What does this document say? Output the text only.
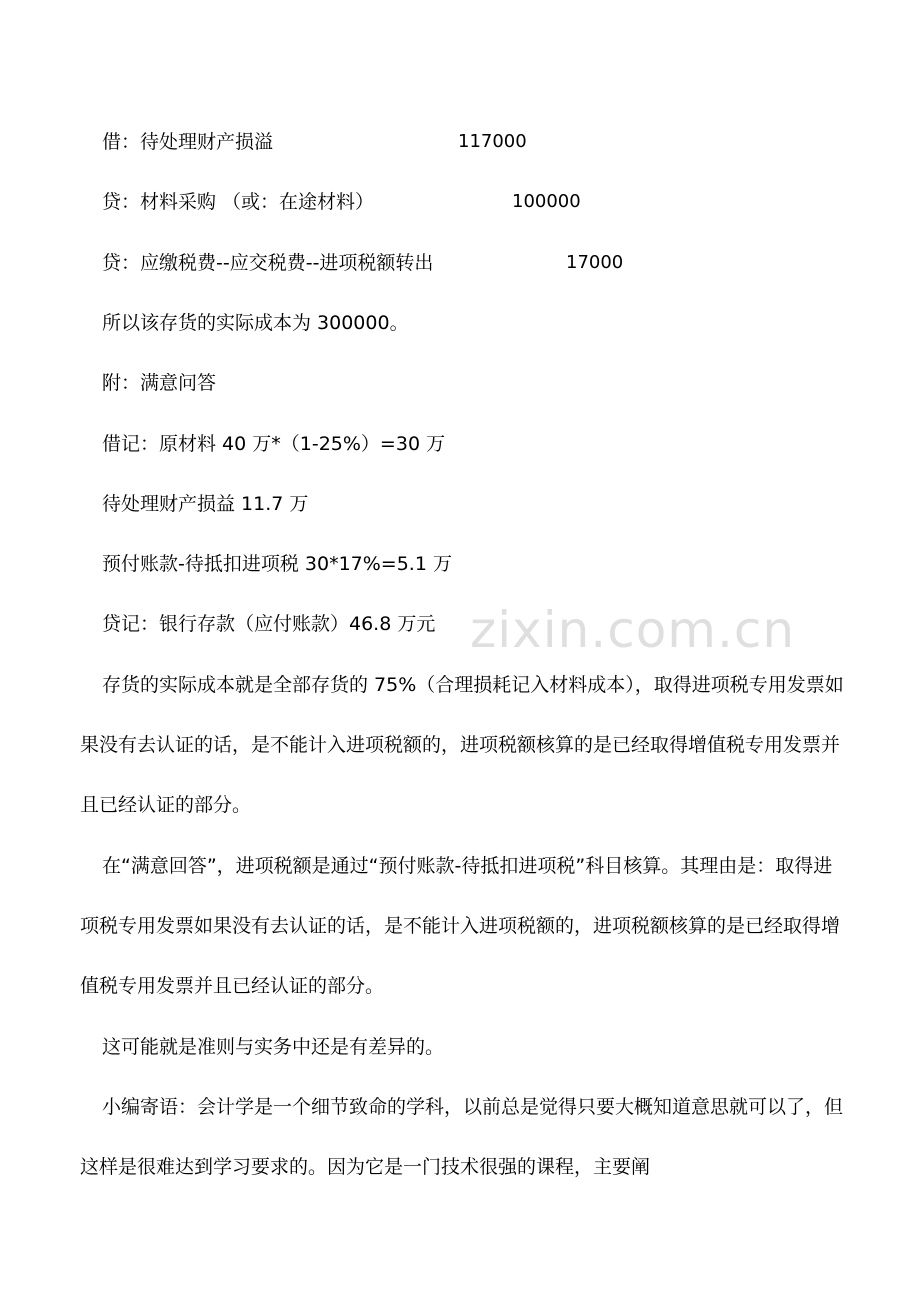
借：待处理财产损溢	117000
贷：材料采购 （或：在途材料）	100000
贷：应缴税费--应交税费--进项税额转出	17000
所以该存货的实际成本为 300000。
附：满意问答
借记：原材料 40 万*（1-25%）=30 万
待处理财产损益 11.7 万
预付账款-待抵扣进项税 30*17%=5.1 万
贷记：银行存款（应付账款）46.8 万元
存货的实际成本就是全部存货的 75%（合理损耗记入材料成本），取得进项税专用发票如果没有去认证的话，是不能计入进项税额的，进项税额核算的是已经取得增值税专用发票并且已经认证的部分。
在“满意回答”，进项税额是通过“预付账款-待抵扣进项税”科目核算。其理由是：取得进项税专用发票如果没有去认证的话，是不能计入进项税额的，进项税额核算的是已经取得增值税专用发票并且已经认证的部分。
这可能就是准则与实务中还是有差异的。
小编寄语：会计学是一个细节致命的学科，以前总是觉得只要大概知道意思就可以了，但这样是很难达到学习要求的。因为它是一门技术很强的课程，主要阐
zixin.com.cn
